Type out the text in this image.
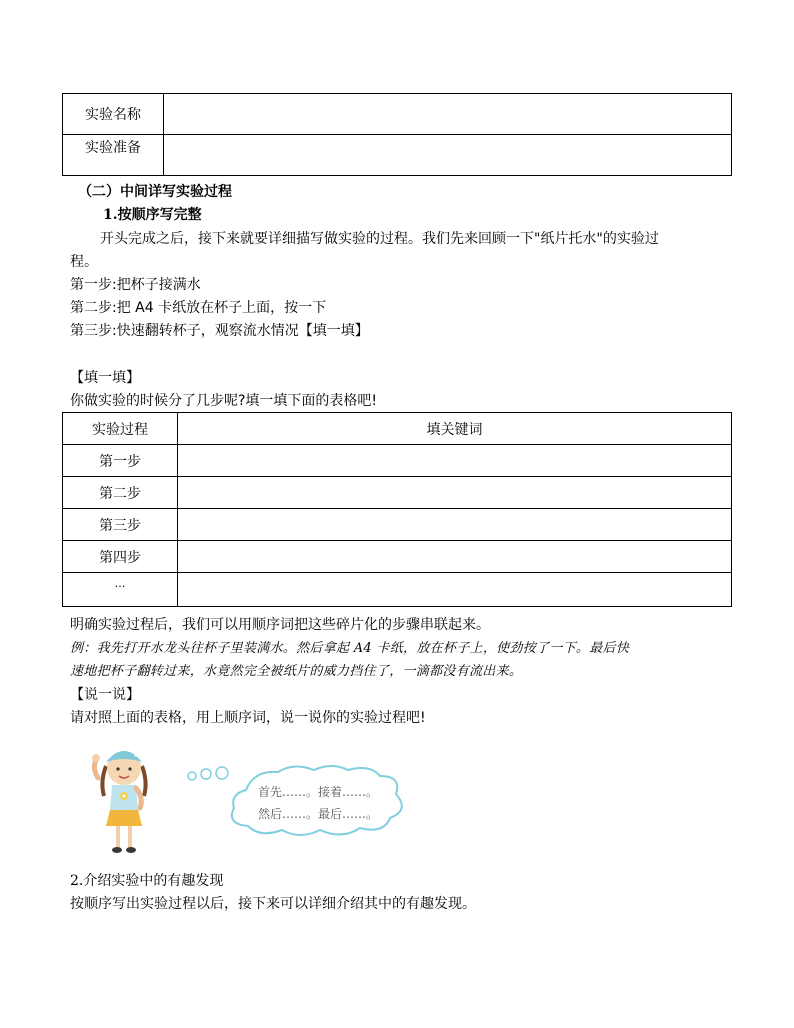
实验名称	
实验准备	
（二）中间详写实验过程
1.按顺序写完整
开头完成之后，接下来就要详细描写做实验的过程。我们先来回顾一下"纸片托水"的实验过
程。
第一步:把杯子接满水
第二步:把 A4 卡纸放在杯子上面，按一下
第三步:快速翻转杯子，观察流水情况【填一填】
【填一填】
你做实验的时候分了几步呢?填一填下面的表格吧!
实验过程	填关键词
第一步	
第二步	
第三步	
第四步	
…	
明确实验过程后，我们可以用顺序词把这些碎片化的步骤串联起来。
例：我先打开水龙头往杯子里装满水。然后拿起 A4 卡纸，放在杯子上，使劲按了一下。最后快
速地把杯子翻转过来，水竟然完全被纸片的威力挡住了，一滴都没有流出来。
【说一说】
请对照上面的表格，用上顺序词，说一说你的实验过程吧!
首先……。接着……。
然后……。最后……。
2.介绍实验中的有趣发现
按顺序写出实验过程以后，接下来可以详细介绍其中的有趣发现。
